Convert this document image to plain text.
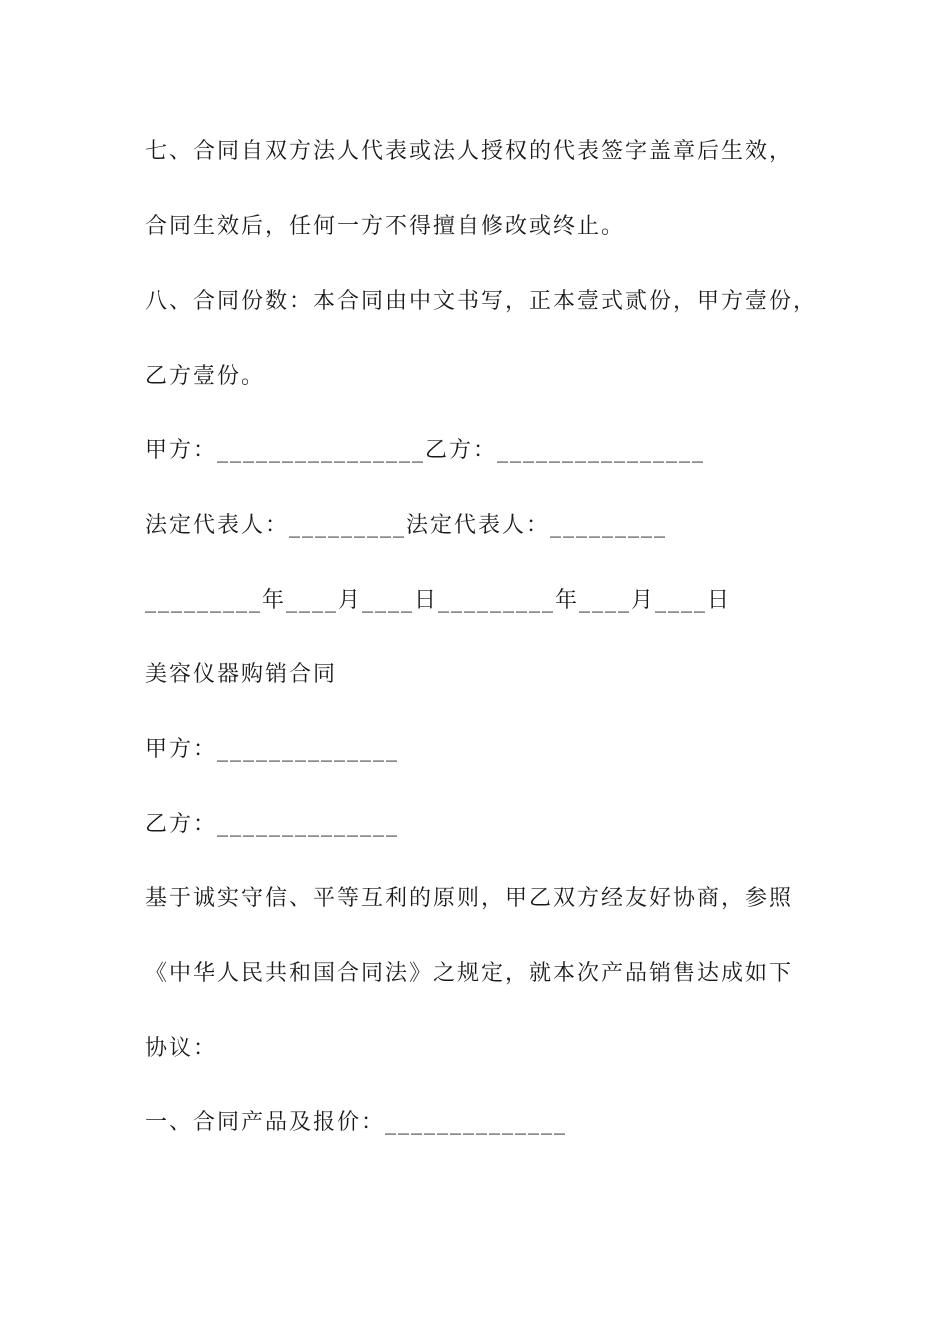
七、合同自双方法人代表或法人授权的代表签字盖章后生效，
合同生效后，任何一方不得擅自修改或终止。
八、合同份数：本合同由中文书写，正本壹式贰份，甲方壹份，
乙方壹份。
甲方：________________乙方：________________
法定代表人：_________法定代表人：_________
_________年____月____日_________年____月____日
美容仪器购销合同
甲方：______________
乙方：______________
基于诚实守信、平等互利的原则，甲乙双方经友好协商，参照
《中华人民共和国合同法》之规定，就本次产品销售达成如下
协议：
一、合同产品及报价：______________
